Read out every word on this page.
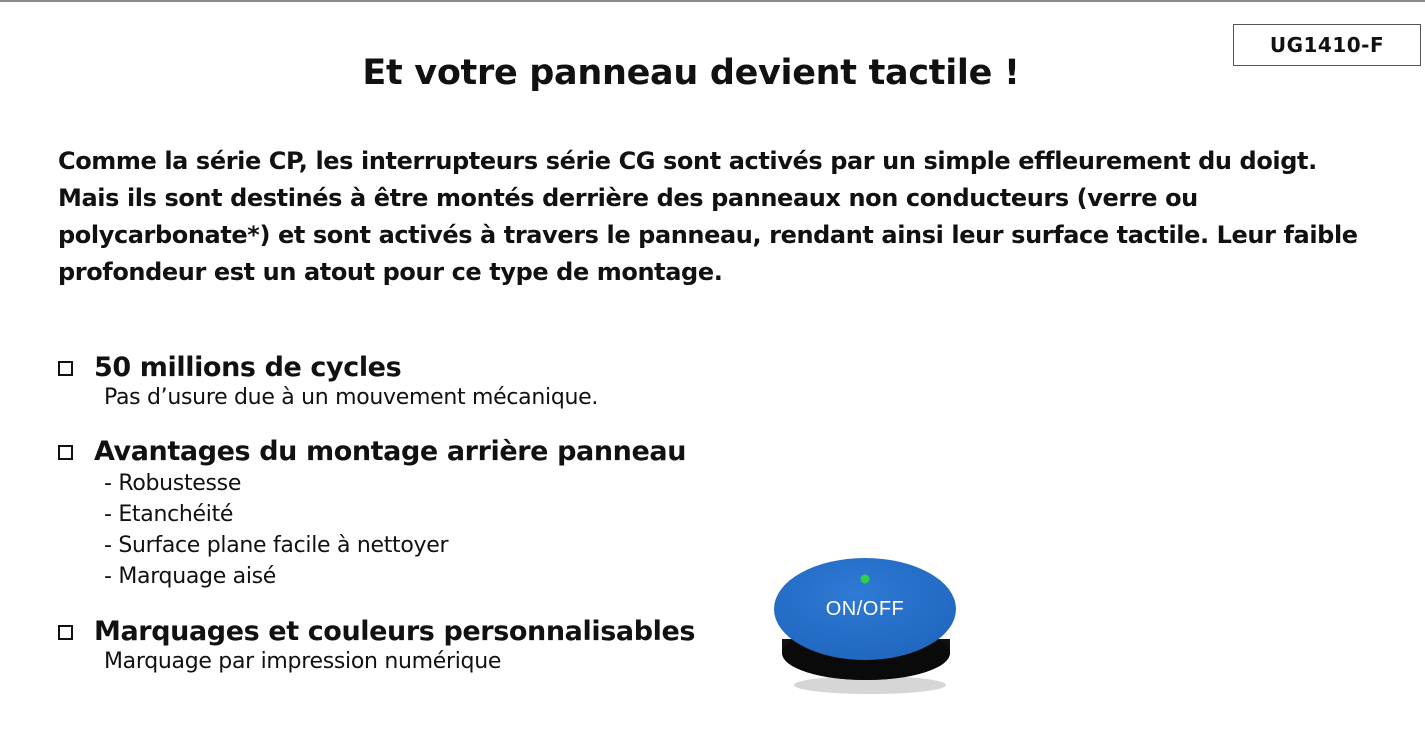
UG1410-F
Et votre panneau devient tactile !

Comme la série CP, les interrupteurs série CG sont activés par un simple effleurement du doigt. Mais ils sont destinés à être montés derrière des panneaux non conducteurs (verre ou polycarbonate*) et sont activés à travers le panneau, rendant ainsi leur surface tactile. Leur faible profondeur est un atout pour ce type de montage.

50 millions de cycles
Pas d’usure due à un mouvement mécanique.
Avantages du montage arrière panneau
- Robustesse
- Etanchéité
- Surface plane facile à nettoyer
- Marquage aisé
Marquages et couleurs personnalisables
Marquage par impression numérique
ON/OFF
